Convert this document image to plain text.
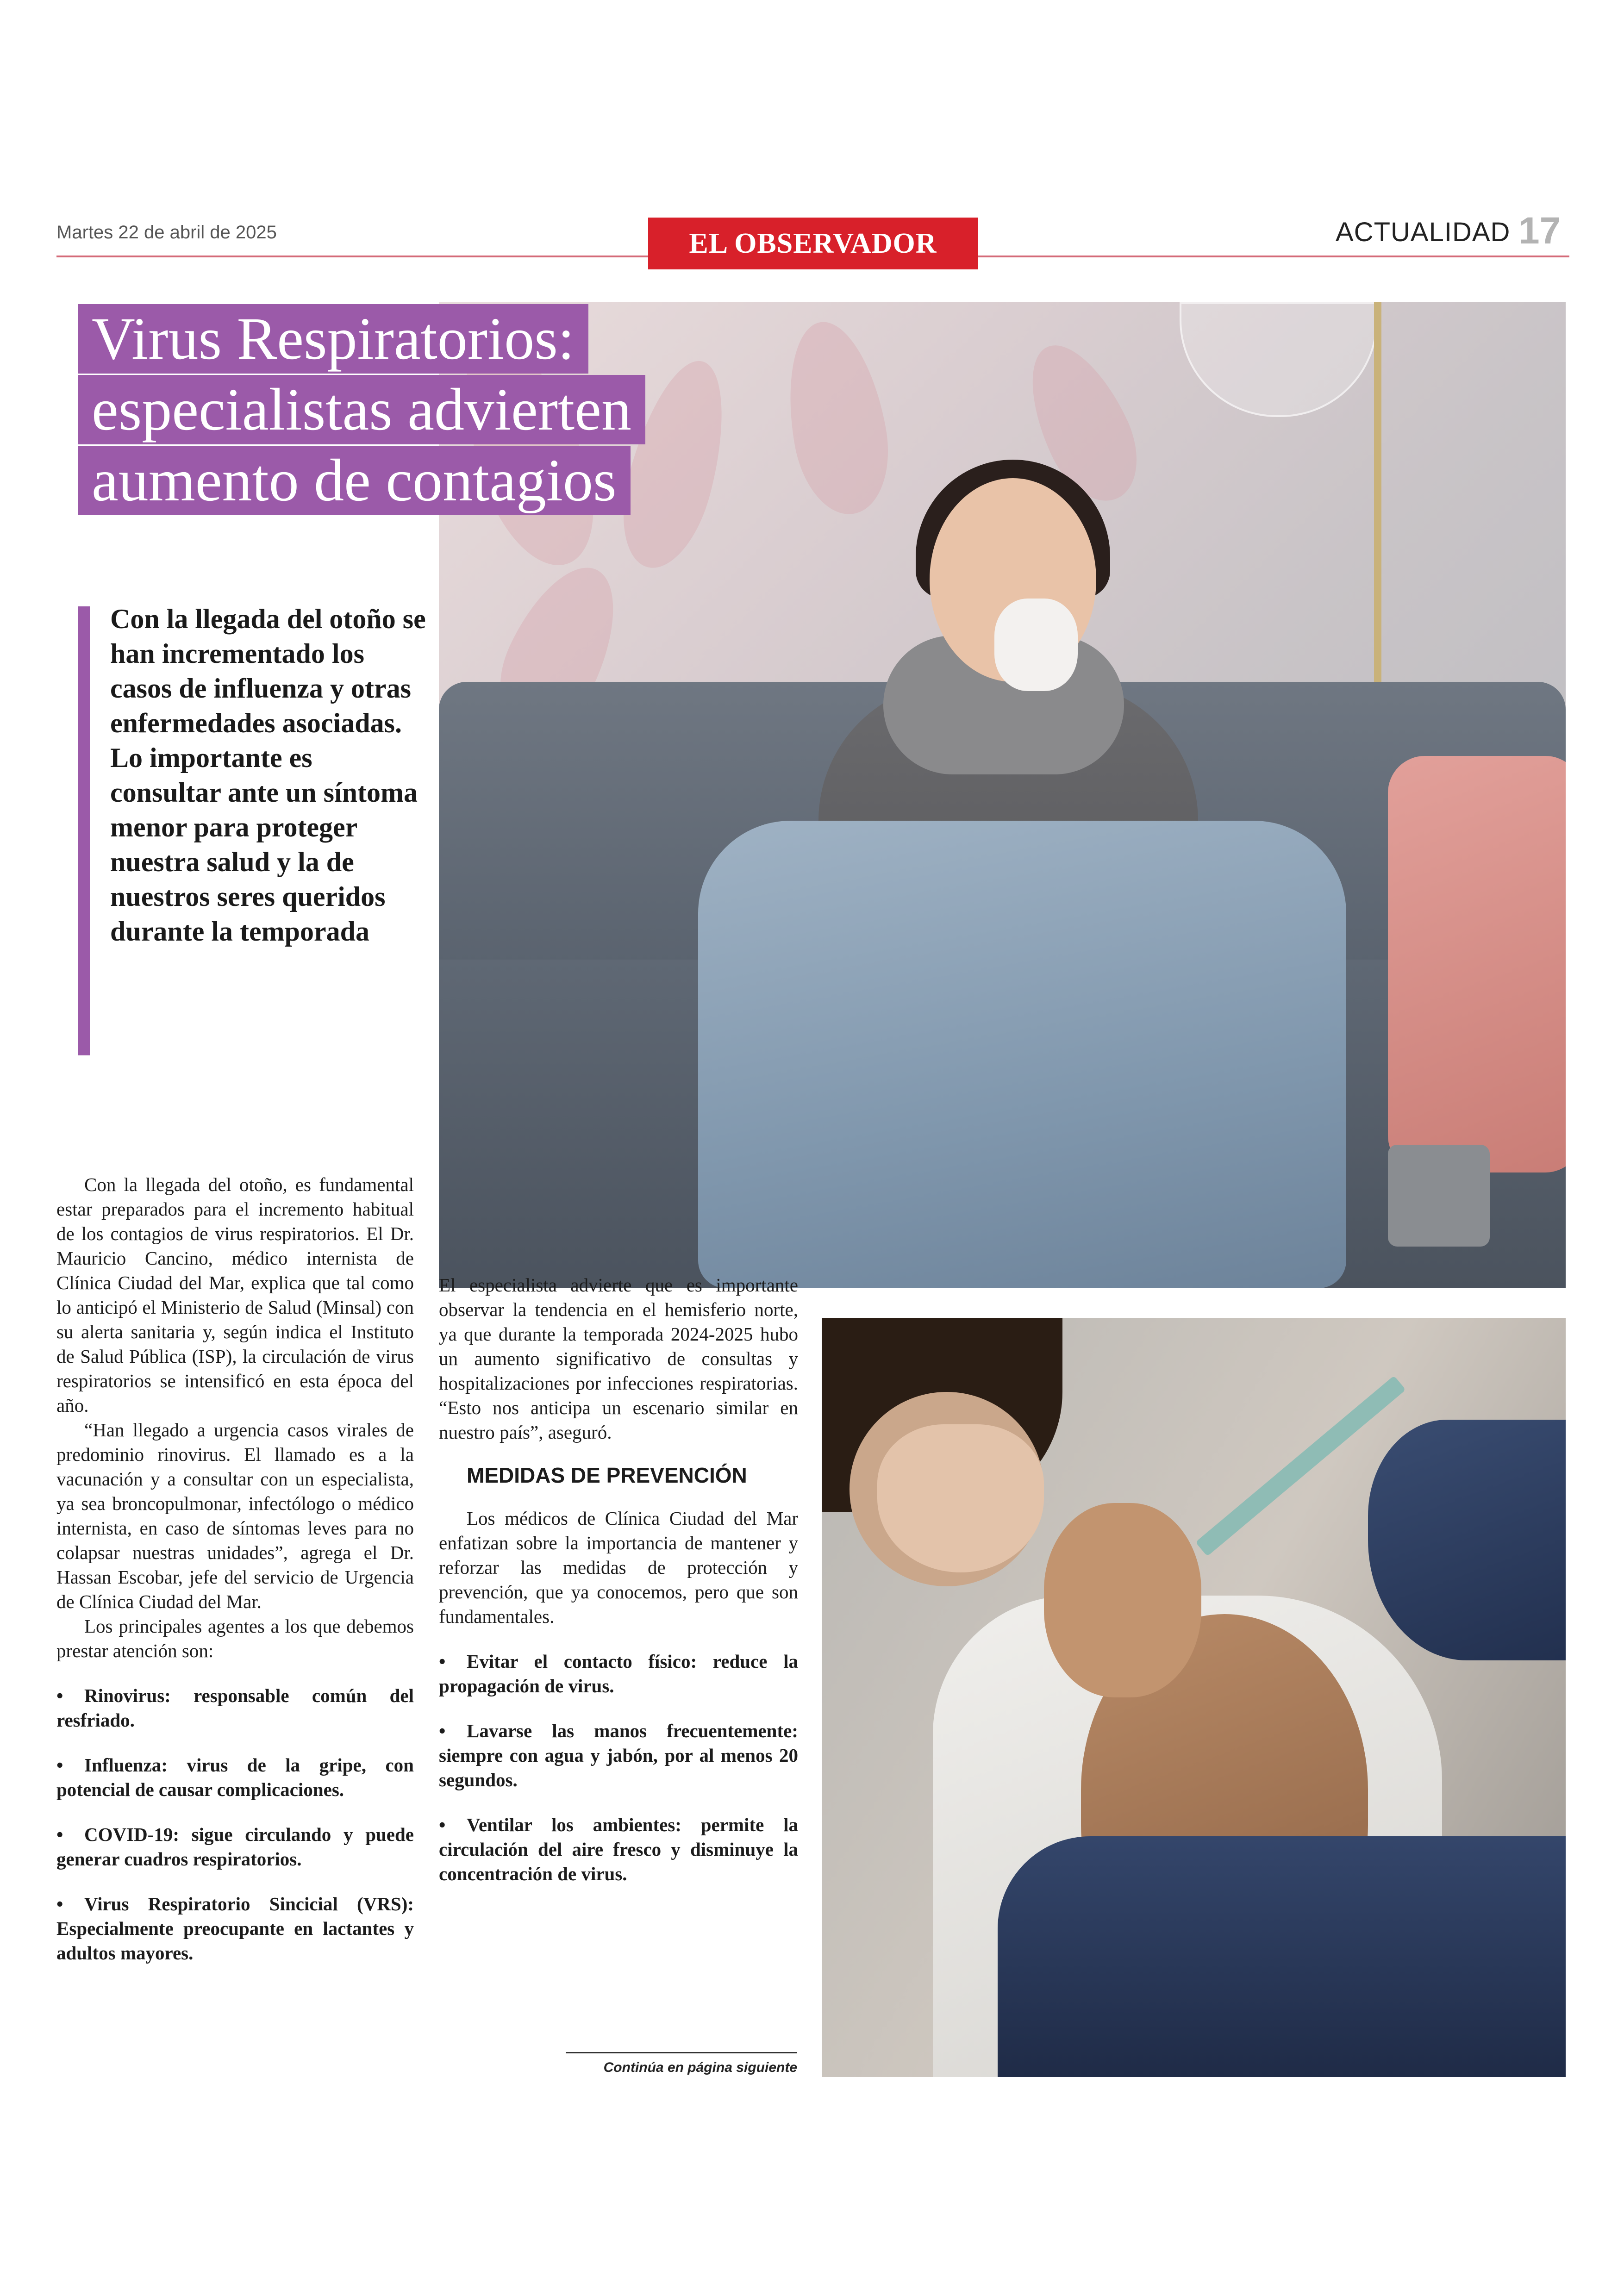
Martes 22 de abril de 2025	EL OBSERVADOR	ACTUALIDAD 17
Virus Respiratorios:
especialistas advierten
aumento de contagios
Con la llegada del otoño se han incrementado los casos de influenza y otras enfermedades asociadas. Lo importante es consultar ante un síntoma menor para proteger nuestra salud y la de nuestros seres queridos durante la temporada

Con la llegada del otoño, es fundamental estar preparados para el incremento habitual de los contagios de virus respiratorios. El Dr. Mauricio Cancino, médico internista de Clínica Ciudad del Mar, explica que tal como lo anticipó el Ministerio de Salud (Minsal) con su alerta sanitaria y, según indica el Instituto de Salud Pública (ISP), la circulación de virus respiratorios se intensificó en esta época del año.

“Han llegado a urgencia casos virales de predominio rinovirus. El llamado es a la vacunación y a consultar con un especialista, ya sea broncopulmonar, infectólogo o médico internista, en caso de síntomas leves para no colapsar nuestras unidades”, agrega el Dr. Hassan Escobar, jefe del servicio de Urgencia de Clínica Ciudad del Mar.

Los principales agentes a los que debemos prestar atención son:

• Rinovirus: responsable común del resfriado.

• Influenza: virus de la gripe, con potencial de causar complicaciones.

• COVID-19: sigue circulando y puede generar cuadros respiratorios.

• Virus Respiratorio Sincicial (VRS): Especialmente preocupante en lactantes y adultos mayores.

El especialista advierte que es importante observar la tendencia en el hemisferio norte, ya que durante la temporada 2024-2025 hubo un aumento significativo de consultas y hospitalizaciones por infecciones respiratorias. “Esto nos anticipa un escenario similar en nuestro país”, aseguró.

MEDIDAS DE PREVENCIÓN

Los médicos de Clínica Ciudad del Mar enfatizan sobre la importancia de mantener y reforzar las medidas de protección y prevención, que ya conocemos, pero que son fundamentales.

• Evitar el contacto físico: reduce la propagación de virus.

• Lavarse las manos frecuentemente: siempre con agua y jabón, por al menos 20 segundos.

• Ventilar los ambientes: permite la circulación del aire fresco y disminuye la concentración de virus.

Continúa en página siguiente
